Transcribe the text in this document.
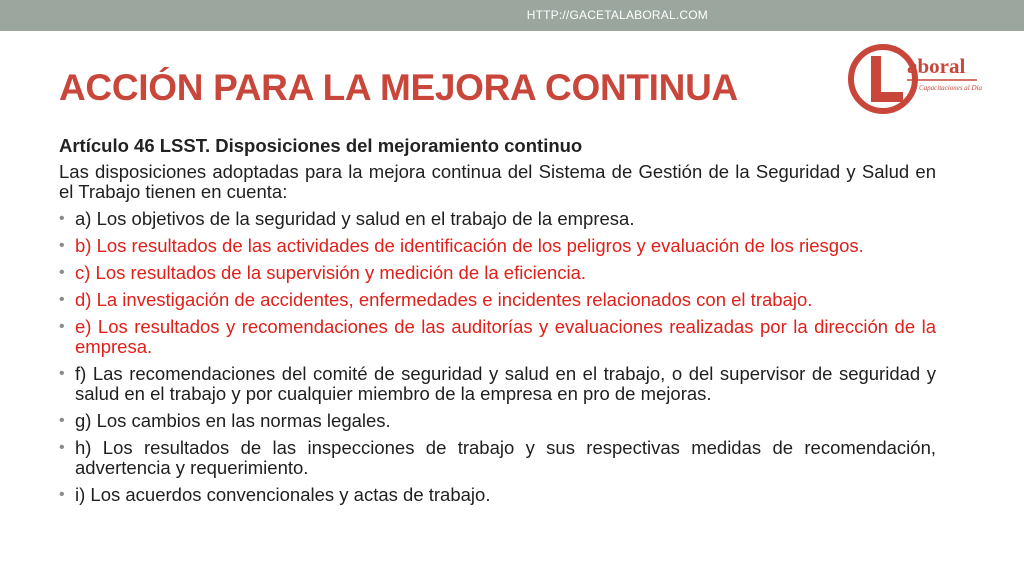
HTTP://GACETALABORAL.COM
ACCIÓN PARA LA MEJORA CONTINUA
aboral
Capacitaciones al Día
Artículo 46 LSST. Disposiciones del mejoramiento continuo
Las disposiciones adoptadas para la mejora continua del Sistema de Gestión de la Seguridad y Salud en el Trabajo tienen en cuenta:
• a) Los objetivos de la seguridad y salud en el trabajo de la empresa.
• b) Los resultados de las actividades de identificación de los peligros y evaluación de los riesgos.
• c) Los resultados de la supervisión y medición de la eficiencia.
• d) La investigación de accidentes, enfermedades e incidentes relacionados con el trabajo.
• e) Los resultados y recomendaciones de las auditorías y evaluaciones realizadas por la dirección de la empresa.
• f) Las recomendaciones del comité de seguridad y salud en el trabajo, o del supervisor de seguridad y salud en el trabajo y por cualquier miembro de la empresa en pro de mejoras.
• g) Los cambios en las normas legales.
• h) Los resultados de las inspecciones de trabajo y sus respectivas medidas de recomendación, advertencia y requerimiento.
• i) Los acuerdos convencionales y actas de trabajo.
